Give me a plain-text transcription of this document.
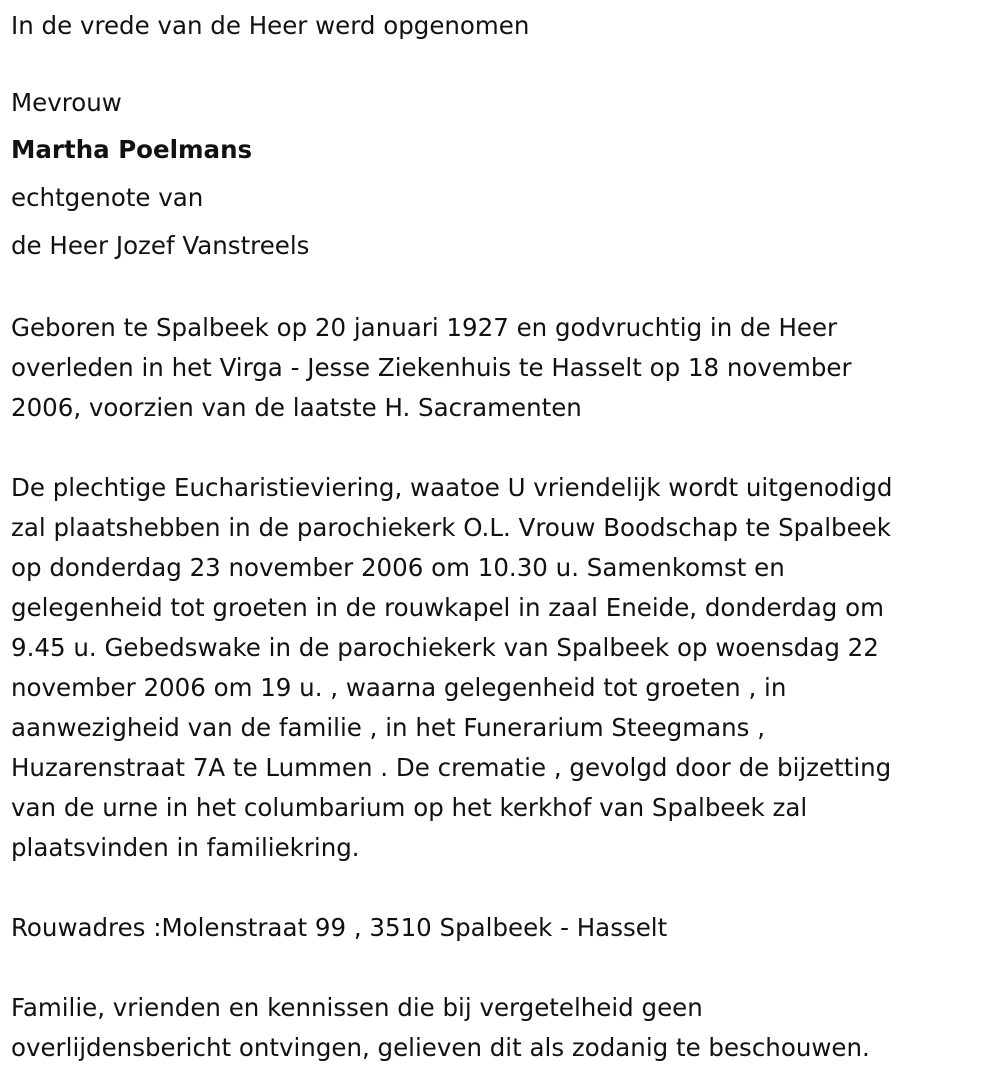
In de vrede van de Heer werd opgenomen
Mevrouw
Martha Poelmans
echtgenote van
de Heer Jozef Vanstreels
Geboren te Spalbeek op 20 januari 1927 en godvruchtig in de Heer
overleden in het Virga - Jesse Ziekenhuis te Hasselt op 18 november
2006, voorzien van de laatste H. Sacramenten
De plechtige Eucharistieviering, waatoe U vriendelijk wordt uitgenodigd
zal plaatshebben in de parochiekerk O.L. Vrouw Boodschap te Spalbeek
op donderdag 23 november 2006 om 10.30 u. Samenkomst en
gelegenheid tot groeten in de rouwkapel in zaal Eneide, donderdag om
9.45 u. Gebedswake in de parochiekerk van Spalbeek op woensdag 22
november 2006 om 19 u. , waarna gelegenheid tot groeten , in
aanwezigheid van de familie , in het Funerarium Steegmans ,
Huzarenstraat 7A te Lummen . De crematie , gevolgd door de bijzetting
van de urne in het columbarium op het kerkhof van Spalbeek zal
plaatsvinden in familiekring.
Rouwadres :Molenstraat 99 , 3510 Spalbeek - Hasselt
Familie, vrienden en kennissen die bij vergetelheid geen
overlijdensbericht ontvingen, gelieven dit als zodanig te beschouwen.
